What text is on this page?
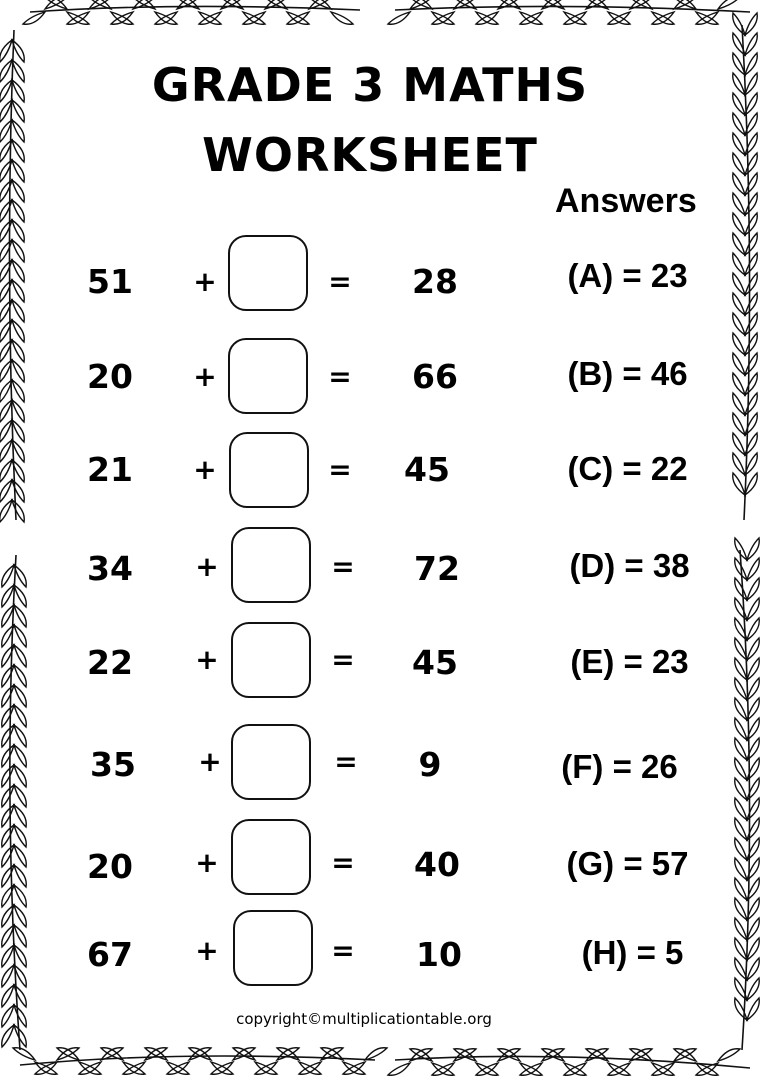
GRADE 3 MATHS
WORKSHEET
Answers
51 +	=	28	(A) = 23
20 +	=	66	(B) = 46
21 +	=	45	(C) = 22
34 +	=	72	(D) = 38
22 +	=	45	(E) = 23
35 +	=	9	(F) = 26
20 +	=	40	(G) = 57
67 +	=	10	(H) = 5
copyright©multiplicationtable.org
